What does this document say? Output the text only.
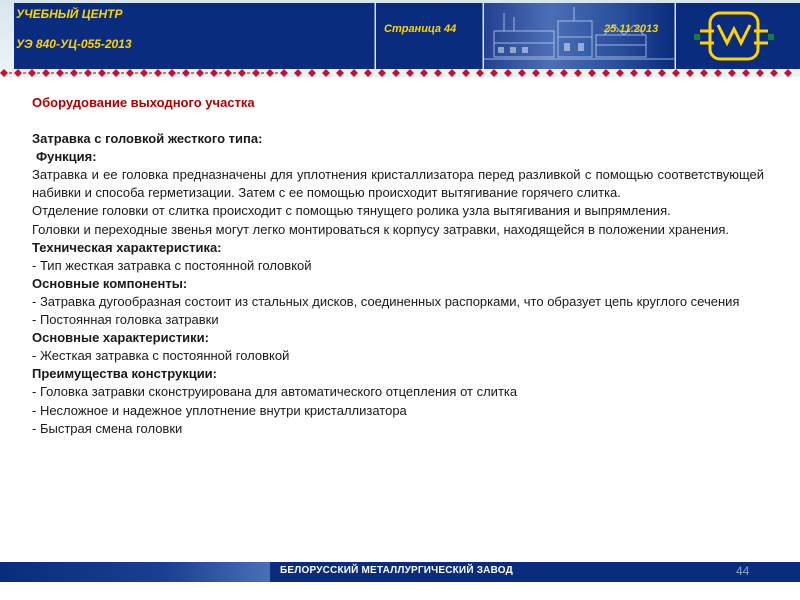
УЧЕБНЫЙ ЦЕНТР
УЭ 840-УЦ-055-2013
Страница 44	25.11.2013

Оборудование выходного участка

Затравка с головкой жесткого типа:

Функция:

Затравка и ее головка предназначены для уплотнения кристаллизатора перед разливкой с помощью соответствующей набивки и способа герметизации. Затем с ее помощью происходит вытягивание горячего слитка.

Отделение головки от слитка происходит с помощью тянущего ролика узла вытягивания и выпрямления.

Головки и переходные звенья могут легко монтироваться к корпусу затравки, находящейся в положении хранения.

Техническая характеристика:

- Тип жесткая затравка с постоянной головкой

Основные компоненты:

- Затравка дугообразная состоит из стальных дисков, соединенных распорками, что образует цепь круглого сечения

- Постоянная головка затравки

Основные характеристики:

- Жесткая затравка с постоянной головкой

Преимущества конструкции:

- Головка затравки сконструирована для автоматического отцепления от слитка

- Несложное и надежное уплотнение внутри кристаллизатора

- Быстрая смена головки

БЕЛОРУССКИЙ МЕТАЛЛУРГИЧЕСКИЙ ЗАВОД	44
